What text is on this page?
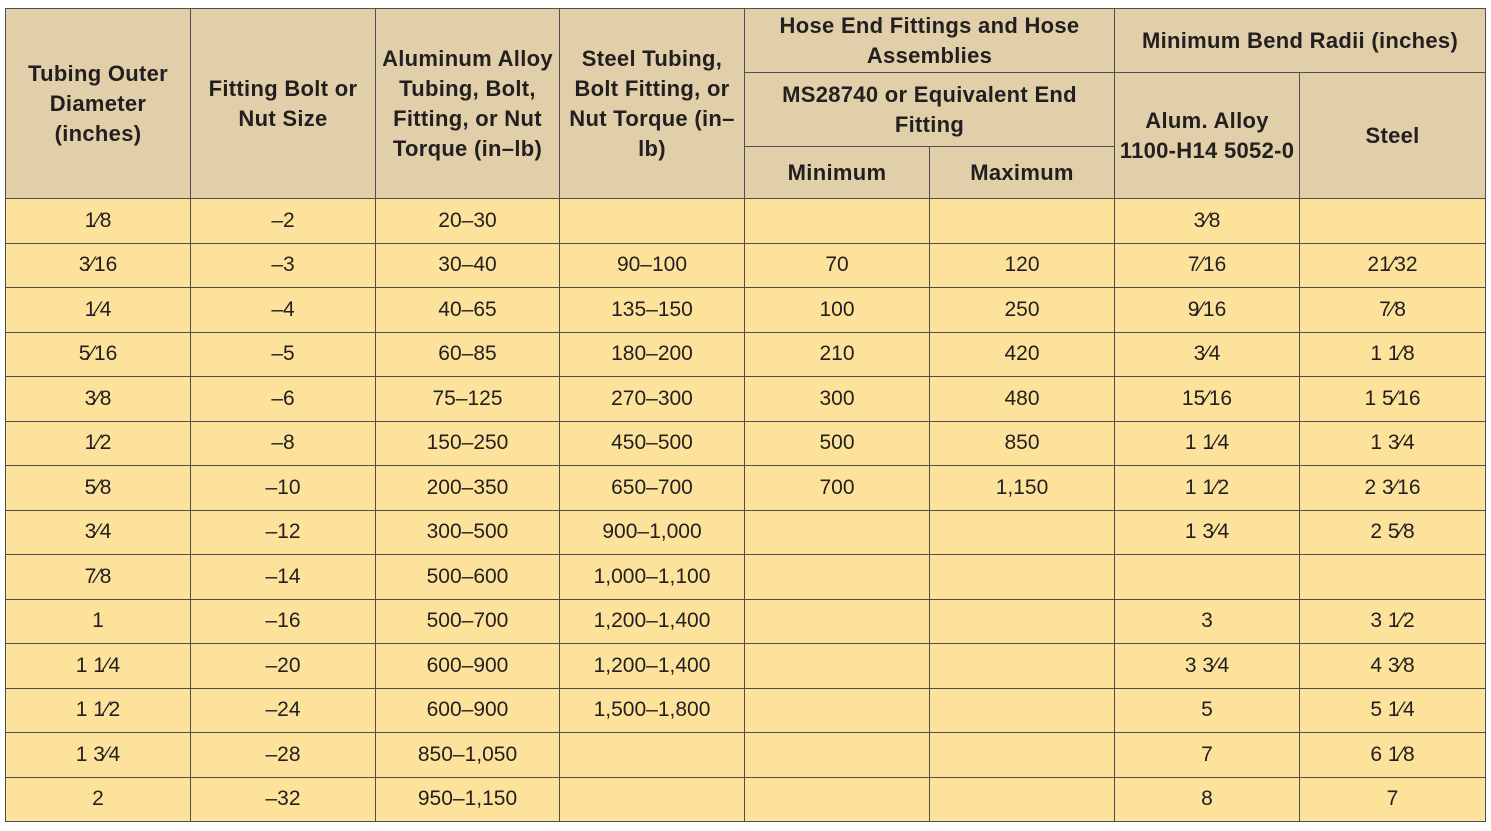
Tubing Outer Diameter (inches)	Fitting Bolt or Nut Size	Aluminum Alloy Tubing, Bolt, Fitting, or Nut Torque (in–lb)	Steel Tubing, Bolt Fitting, or Nut Torque (in–lb)	Hose End Fittings and Hose Assemblies		Minimum Bend Radii (inches)	
				MS28740 or Equivalent End Fitting		Alum. Alloy 1100-H14 5052-0	Steel
				Minimum	Maximum		
1⁄8	–2	20–30				3⁄8	
3⁄16	–3	30–40	90–100	70	120	7⁄16	21⁄32
1⁄4	–4	40–65	135–150	100	250	9⁄16	7⁄8
5⁄16	–5	60–85	180–200	210	420	3⁄4	1 1⁄8
3⁄8	–6	75–125	270–300	300	480	15⁄16	1 5⁄16
1⁄2	–8	150–250	450–500	500	850	1 1⁄4	1 3⁄4
5⁄8	–10	200–350	650–700	700	1,150	1 1⁄2	2 3⁄16
3⁄4	–12	300–500	900–1,000			1 3⁄4	2 5⁄8
7⁄8	–14	500–600	1,000–1,100				
1	–16	500–700	1,200–1,400			3	3 1⁄2
1 1⁄4	–20	600–900	1,200–1,400			3 3⁄4	4 3⁄8
1 1⁄2	–24	600–900	1,500–1,800			5	5 1⁄4
1 3⁄4	–28	850–1,050				7	6 1⁄8
2	–32	950–1,150				8	7
